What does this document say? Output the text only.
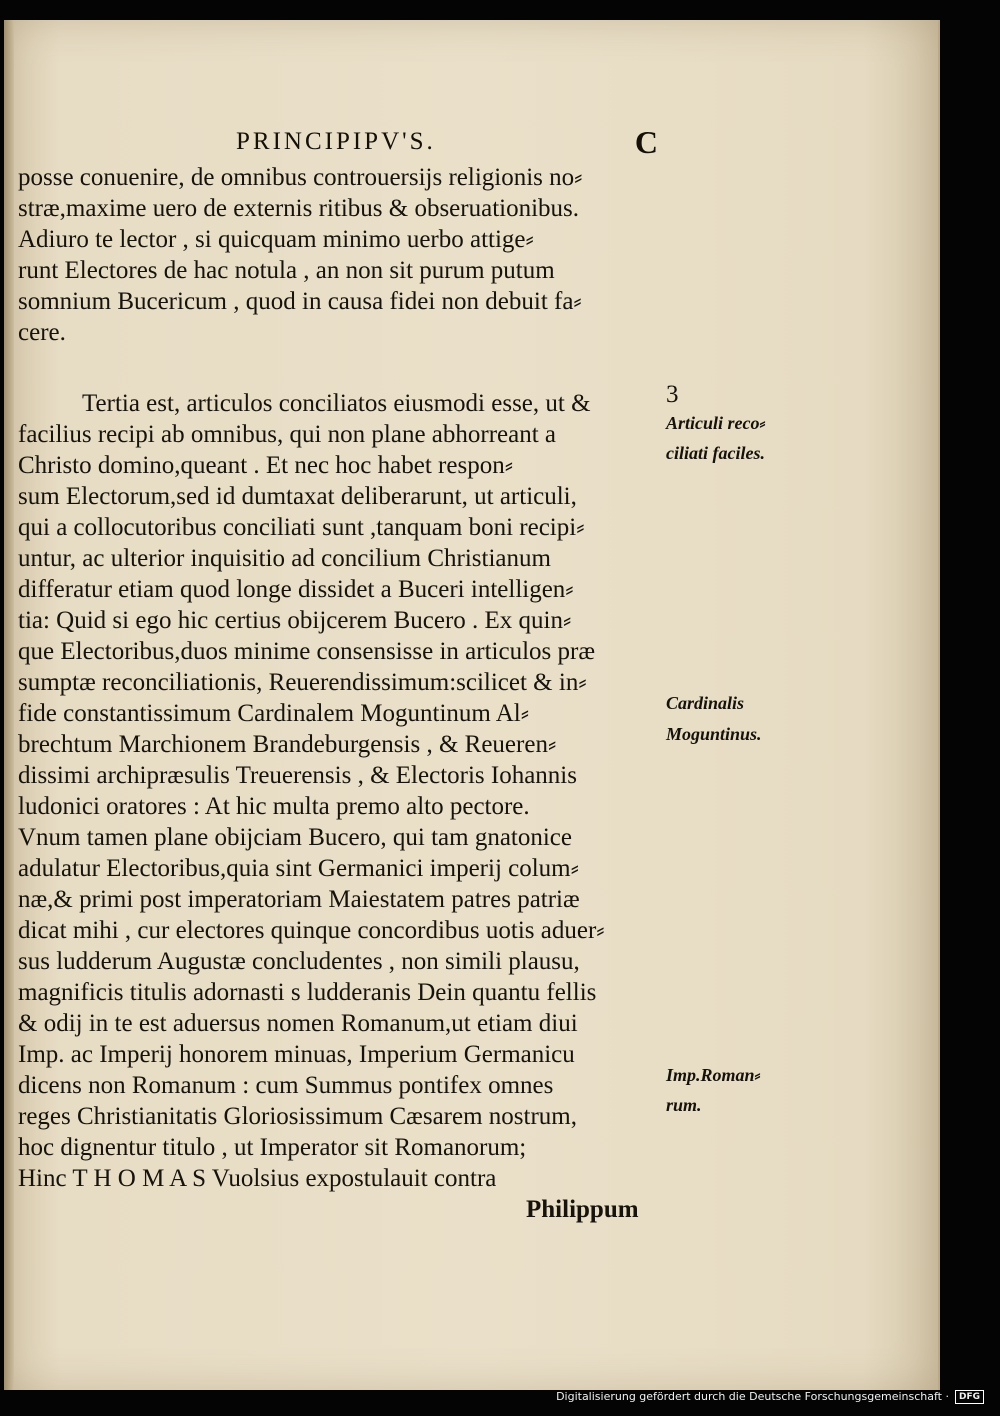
PRINCIPIPV'S.	C
posse conuenire, de omnibus controuersijs religionis no⸗
stræ,maxime uero de externis ritibus & obseruationibus.
Adiuro te lector , si quicquam minimo uerbo attige⸗
runt Electores de hac notula , an non sit purum putum
somnium Bucericum , quod in causa fidei non debuit fa⸗
cere.
Tertia est, articulos conciliatos eiusmodi esse, ut &
facilius recipi ab omnibus, qui non plane abhorreant a
Christo domino,queant . Et nec hoc habet respon⸗
sum Electorum,sed id dumtaxat deliberarunt, ut articuli,
qui a collocutoribus conciliati sunt ,tanquam boni recipi⸗
untur, ac ulterior inquisitio ad concilium Christianum
differatur etiam quod longe dissidet a Buceri intelligen⸗
tia: Quid si ego hic certius obijcerem Bucero . Ex quin⸗
que Electoribus,duos minime consensisse in articulos præ
sumptæ reconciliationis, Reuerendissimum:scilicet & in⸗
fide constantissimum Cardinalem Moguntinum Al⸗
brechtum Marchionem Brandeburgensis , & Reueren⸗
dissimi archipræsulis Treuerensis , & Electoris Iohannis
ludonici oratores : At hic multa premo alto pectore.
Vnum tamen plane obijciam Bucero, qui tam gnatonice
adulatur Electoribus,quia sint Germanici imperij colum⸗
næ,& primi post imperatoriam Maiestatem patres patriæ
dicat mihi , cur electores quinque concordibus uotis aduer⸗
sus ludderum Augustæ concludentes , non simili plausu,
magnificis titulis adornasti s ludderanis Dein quantu fellis
& odij in te est aduersus nomen Romanum,ut etiam diui
Imp. ac Imperij honorem minuas, Imperium Germanicu
dicens non Romanum : cum Summus pontifex omnes
reges Christianitatis Gloriosissimum Cæsarem nostrum,
hoc dignentur titulo , ut Imperator sit Romanorum;
Hinc T H O M A S Vuolsius expostulauit contra
Philippum
3
Articuli reco⸗
ciliati faciles.
Cardinalis
Moguntinus.
Imp.Roman⸗
rum.
Digitalisierung gefördert durch die Deutsche Forschungsgemeinschaft · DFG
